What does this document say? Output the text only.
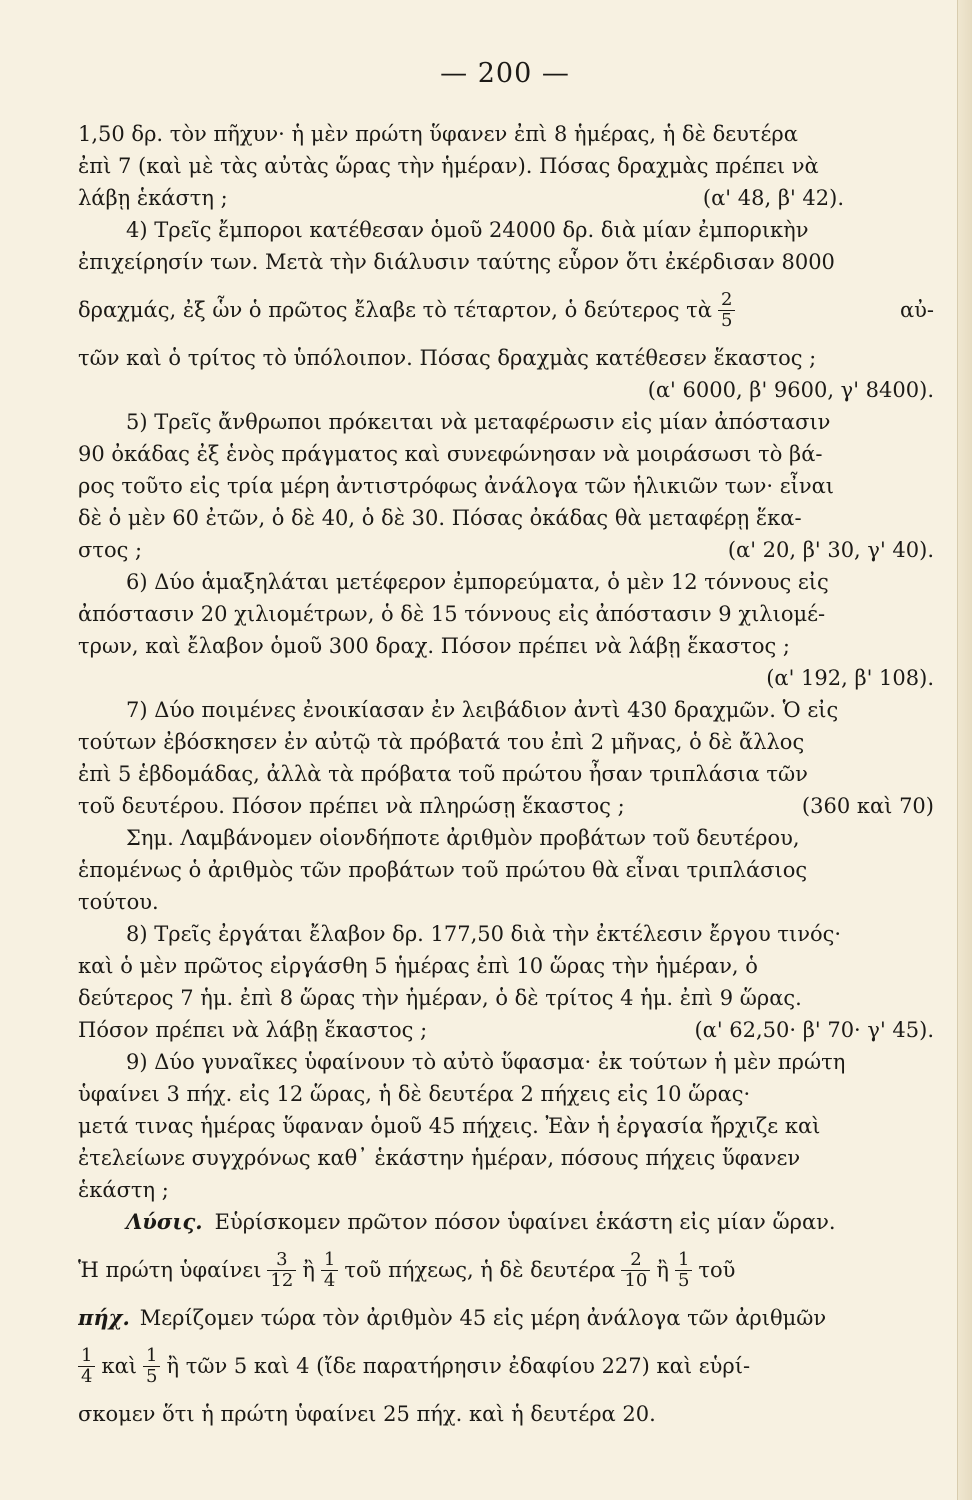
— 200 —
1,50 δρ. τὸν πῆχυν· ἡ μὲν πρώτη ὕφανεν ἐπὶ 8 ἡμέρας, ἡ δὲ δευτέρα
ἐπὶ 7 (καὶ μὲ τὰς αὐτὰς ὥρας τὴν ἡμέραν). Πόσας δραχμὰς πρέπει νὰ
λάβῃ ἑκάστη ;	(α' 48, β' 42).
4) Τρεῖς ἔμποροι κατέθεσαν ὁμοῦ 24000 δρ. διὰ μίαν ἐμπορικὴν
ἐπιχείρησίν των. Μετὰ τὴν διάλυσιν ταύτης εὗρον ὅτι ἐκέρδισαν 8000
δραχμάς, ἐξ ὧν ὁ πρῶτος ἔλαβε τὸ τέταρτον, ὁ δεύτερος τὰ $\frac{2}{5}$	αὐ-
τῶν καὶ ὁ τρίτος τὸ ὑπόλοιπον. Πόσας δραχμὰς κατέθεσεν ἕκαστος ;
(α' 6000, β' 9600, γ' 8400).
5) Τρεῖς ἄνθρωποι πρόκειται νὰ μεταφέρωσιν εἰς μίαν ἀπόστασιν
90 ὀκάδας ἐξ ἑνὸς πράγματος καὶ συνεφώνησαν νὰ μοιράσωσι τὸ βά-
ρος τοῦτο εἰς τρία μέρη ἀντιστρόφως ἀνάλογα τῶν ἡλικιῶν των· εἶναι
δὲ ὁ μὲν 60 ἐτῶν, ὁ δὲ 40, ὁ δὲ 30. Πόσας ὀκάδας θὰ μεταφέρῃ ἕκα-
στος ;	(α' 20, β' 30, γ' 40).
6) Δύο ἁμαξηλάται μετέφερον ἐμπορεύματα, ὁ μὲν 12 τόννους εἰς
ἀπόστασιν 20 χιλιομέτρων, ὁ δὲ 15 τόννους εἰς ἀπόστασιν 9 χιλιομέ-
τρων, καὶ ἔλαβον ὁμοῦ 300 δραχ. Πόσον πρέπει νὰ λάβῃ ἕκαστος ;
(α' 192, β' 108).
7) Δύο ποιμένες ἐνοικίασαν ἐν λειβάδιον ἀντὶ 430 δραχμῶν. Ὁ εἰς
τούτων ἐβόσκησεν ἐν αὐτῷ τὰ πρόβατά του ἐπὶ 2 μῆνας, ὁ δὲ ἄλλος
ἐπὶ 5 ἑβδομάδας, ἀλλὰ τὰ πρόβατα τοῦ πρώτου ἦσαν τριπλάσια τῶν
τοῦ δευτέρου. Πόσον πρέπει νὰ πληρώσῃ ἕκαστος ;	(360 καὶ 70)
Σημ. Λαμβάνομεν οἱονδήποτε ἀριθμὸν προβάτων τοῦ δευτέρου,
ἑπομένως ὁ ἀριθμὸς τῶν προβάτων τοῦ πρώτου θὰ εἶναι τριπλάσιος
τούτου.
8) Τρεῖς ἐργάται ἔλαβον δρ. 177,50 διὰ τὴν ἐκτέλεσιν ἔργου τινός·
καὶ ὁ μὲν πρῶτος εἰργάσθη 5 ἡμέρας ἐπὶ 10 ὥρας τὴν ἡμέραν, ὁ
δεύτερος 7 ἡμ. ἐπὶ 8 ὥρας τὴν ἡμέραν, ὁ δὲ τρίτος 4 ἡμ. ἐπὶ 9 ὥρας.
Πόσον πρέπει νὰ λάβῃ ἕκαστος ;	(α' 62,50· β' 70· γ' 45).
9) Δύο γυναῖκες ὑφαίνουν τὸ αὐτὸ ὕφασμα· ἐκ τούτων ἡ μὲν πρώτη
ὑφαίνει 3 πήχ. εἰς 12 ὥρας, ἡ δὲ δευτέρα 2 πήχεις εἰς 10 ὥρας·
μετά τινας ἡμέρας ὕφαναν ὁμοῦ 45 πήχεις. Ἐὰν ἡ ἐργασία ἤρχιζε καὶ
ἐτελείωνε συγχρόνως καθ᾽ ἑκάστην ἡμέραν, πόσους πήχεις ὕφανεν
ἑκάστη ;
Λύσις. Εὑρίσκομεν πρῶτον πόσον ὑφαίνει ἑκάστη εἰς μίαν ὥραν.
Ἡ πρώτη ὑφαίνει $\frac{3}{12}$ ἢ $\frac{1}{4}$ τοῦ πήχεως, ἡ δὲ δευτέρα $\frac{2}{10}$ ἢ $\frac{1}{5}$ τοῦ
πήχ. Μερίζομεν τώρα τὸν ἀριθμὸν 45 εἰς μέρη ἀνάλογα τῶν ἀριθμῶν
$\frac{1}{4}$ καὶ $\frac{1}{5}$ ἢ τῶν 5 καὶ 4 (ἴδε παρατήρησιν ἐδαφίου 227) καὶ εὑρί-
σκομεν ὅτι ἡ πρώτη ὑφαίνει 25 πήχ. καὶ ἡ δευτέρα 20.
